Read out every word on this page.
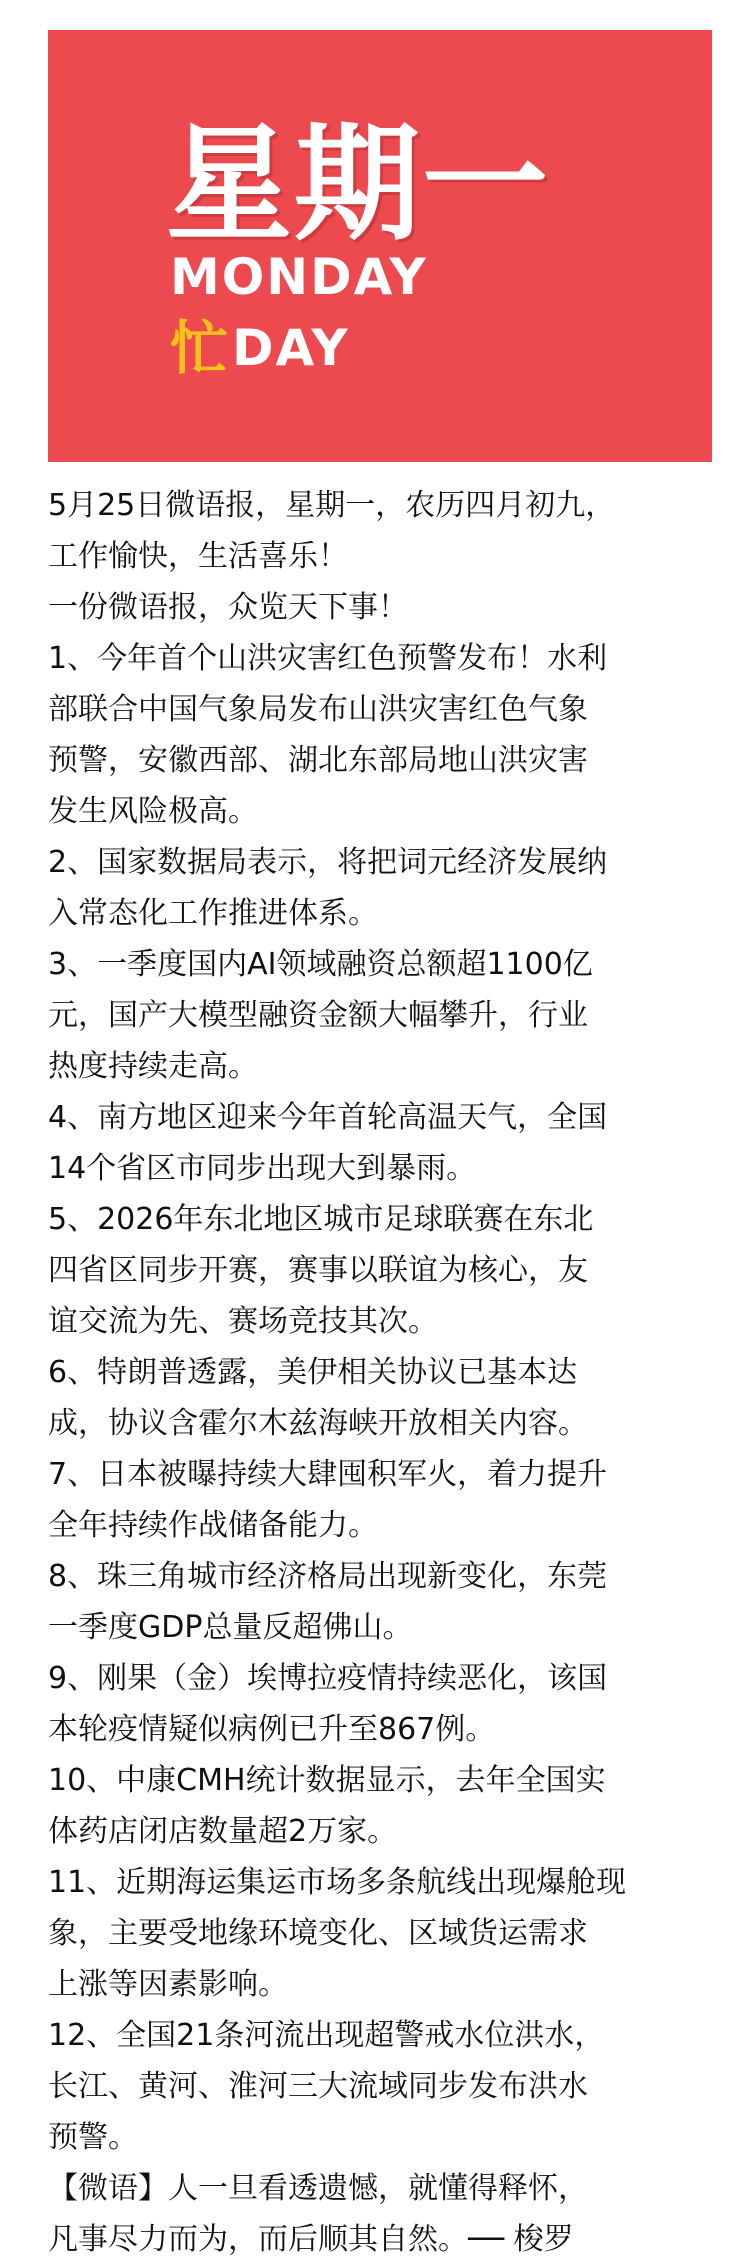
星期一
MONDAY
忙 DAY
5月25日微语报，星期一，农历四月初九，
工作愉快，生活喜乐！
一份微语报，众览天下事！
1、今年首个山洪灾害红色预警发布！水利
部联合中国气象局发布山洪灾害红色气象
预警，安徽西部、湖北东部局地山洪灾害
发生风险极高。
2、国家数据局表示，将把词元经济发展纳
入常态化工作推进体系。
3、一季度国内AI领域融资总额超1100亿
元，国产大模型融资金额大幅攀升，行业
热度持续走高。
4、南方地区迎来今年首轮高温天气，全国
14个省区市同步出现大到暴雨。
5、2026年东北地区城市足球联赛在东北
四省区同步开赛，赛事以联谊为核心，友
谊交流为先、赛场竞技其次。
6、特朗普透露，美伊相关协议已基本达
成，协议含霍尔木兹海峡开放相关内容。
7、日本被曝持续大肆囤积军火，着力提升
全年持续作战储备能力。
8、珠三角城市经济格局出现新变化，东莞
一季度GDP总量反超佛山。
9、刚果（金）埃博拉疫情持续恶化，该国
本轮疫情疑似病例已升至867例。
10、中康CMH统计数据显示，去年全国实
体药店闭店数量超2万家。
11、近期海运集运市场多条航线出现爆舱现
象，主要受地缘环境变化、区域货运需求
上涨等因素影响。
12、全国21条河流出现超警戒水位洪水，
长江、黄河、淮河三大流域同步发布洪水
预警。
【微语】人一旦看透遗憾，就懂得释怀，
凡事尽力而为，而后顺其自然。── 梭罗
